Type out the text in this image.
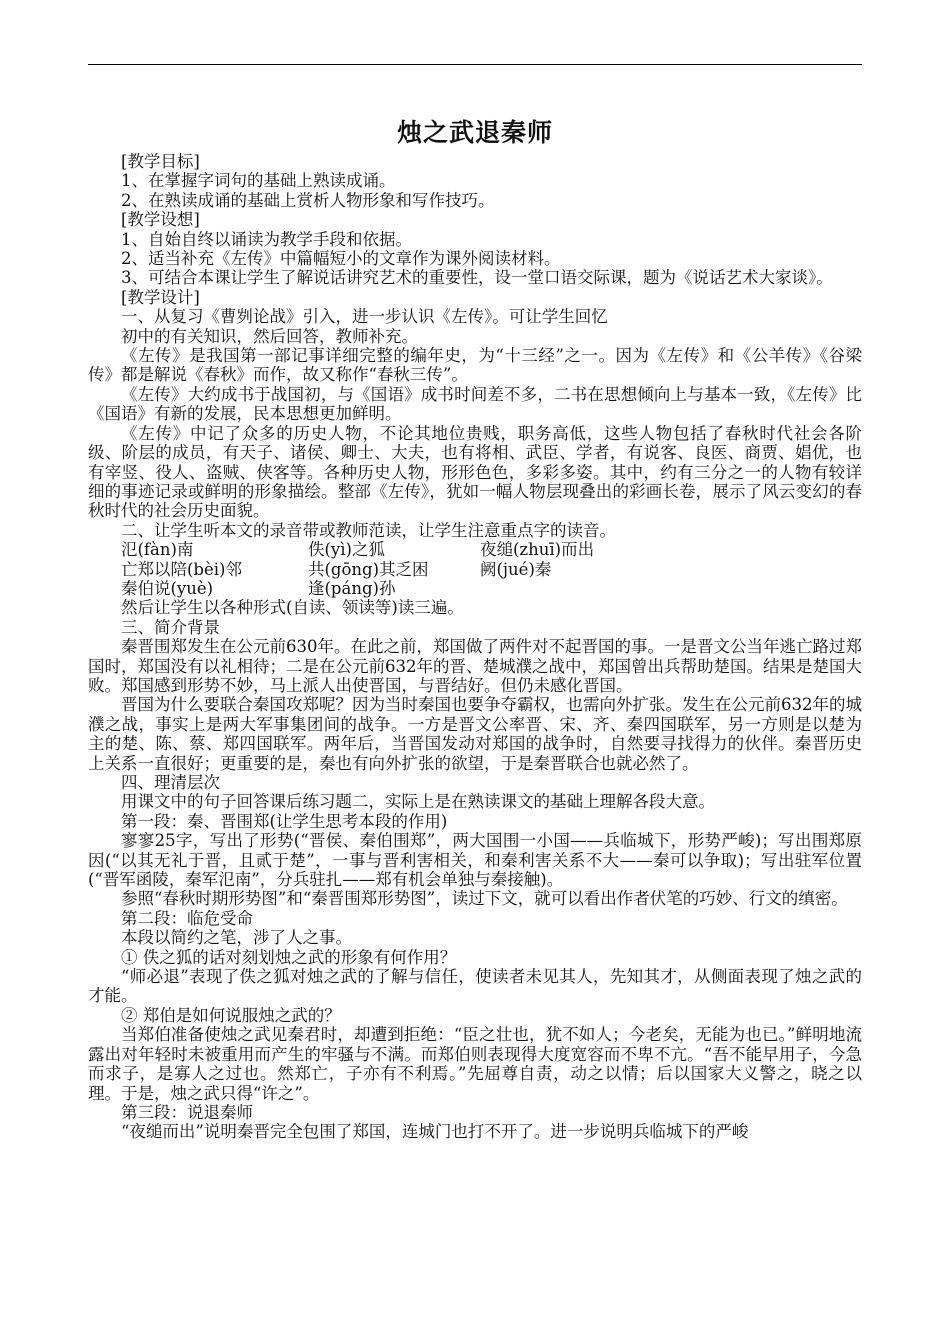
烛之武退秦师

[教学目标]

1、在掌握字词句的基础上熟读成诵。

2、在熟读成诵的基础上赏析人物形象和写作技巧。

[教学设想]

1、自始自终以诵读为教学手段和依据。

2、适当补充《左传》中篇幅短小的文章作为课外阅读材料。

3、可结合本课让学生了解说话讲究艺术的重要性，设一堂口语交际课，题为《说话艺术大家谈》。

[教学设计]

一、从复习《曹刿论战》引入，进一步认识《左传》。可让学生回忆

初中的有关知识，然后回答，教师补充。

《左传》是我国第一部记事详细完整的编年史，为“十三经”之一。因为《左传》和《公羊传》《谷梁传》都是解说《春秋》而作，故又称作“春秋三传”。

《左传》大约成书于战国初，与《国语》成书时间差不多，二书在思想倾向上与基本一致，《左传》比《国语》有新的发展，民本思想更加鲜明。

《左传》中记了众多的历史人物，不论其地位贵贱，职务高低，这些人物包括了春秋时代社会各阶级、阶层的成员，有天子、诸侯、卿士、大夫，也有将相、武臣、学者，有说客、良医、商贾、娼优，也有宰竖、役人、盗贼、侠客等。各种历史人物，形形色色，多彩多姿。其中，约有三分之一的人物有较详细的事迹记录或鲜明的形象描绘。整部《左传》，犹如一幅人物层现叠出的彩画长卷，展示了风云变幻的春秋时代的社会历史面貌。

二、让学生听本文的录音带或教师范读，让学生注意重点字的读音。

氾(fàn)南	佚(yì)之狐	夜缒(zhuī)而出
亡郑以陪(bèi)邻	共(gōng)其乏困	阙(jué)秦
秦伯说(yuè)	逢(páng)孙

然后让学生以各种形式(自读、领读等)读三遍。

三、简介背景

秦晋围郑发生在公元前630年。在此之前，郑国做了两件对不起晋国的事。一是晋文公当年逃亡路过郑国时，郑国没有以礼相待；二是在公元前632年的晋、楚城濮之战中，郑国曾出兵帮助楚国。结果是楚国大败。郑国感到形势不妙，马上派人出使晋国，与晋结好。但仍未感化晋国。

晋国为什么要联合秦国攻郑呢？因为当时秦国也要争夺霸权，也需向外扩张。发生在公元前632年的城濮之战，事实上是两大军事集团间的战争。一方是晋文公率晋、宋、齐、秦四国联军，另一方则是以楚为主的楚、陈、蔡、郑四国联军。两年后，当晋国发动对郑国的战争时，自然要寻找得力的伙伴。秦晋历史上关系一直很好；更重要的是，秦也有向外扩张的欲望，于是秦晋联合也就必然了。

四、理清层次

用课文中的句子回答课后练习题二，实际上是在熟读课文的基础上理解各段大意。

第一段：秦、晋围郑(让学生思考本段的作用)

寥寥25字，写出了形势(“晋侯、秦伯围郑”，两大国围一小国——兵临城下，形势严峻)；写出围郑原因(“以其无礼于晋，且贰于楚”，一事与晋利害相关，和秦利害关系不大——秦可以争取)；写出驻军位置(“晋军函陵，秦军氾南”，分兵驻扎——郑有机会单独与秦接触)。

参照“春秋时期形势图”和“秦晋围郑形势图”，读过下文，就可以看出作者伏笔的巧妙、行文的缜密。

第二段：临危受命

本段以简约之笔，涉了人之事。

① 佚之狐的话对刻划烛之武的形象有何作用？

“师必退”表现了佚之狐对烛之武的了解与信任，使读者未见其人，先知其才，从侧面表现了烛之武的才能。

② 郑伯是如何说服烛之武的？

当郑伯准备使烛之武见秦君时，却遭到拒绝：“臣之壮也，犹不如人；今老矣，无能为也已。”鲜明地流露出对年轻时未被重用而产生的牢骚与不满。而郑伯则表现得大度宽容而不卑不亢。“吾不能早用子，今急而求子，是寡人之过也。然郑亡，子亦有不利焉。”先屈尊自责，动之以情；后以国家大义警之，晓之以理。于是，烛之武只得“许之”。

第三段：说退秦师

“夜缒而出”说明秦晋完全包围了郑国，连城门也打不开了。进一步说明兵临城下的严峻
